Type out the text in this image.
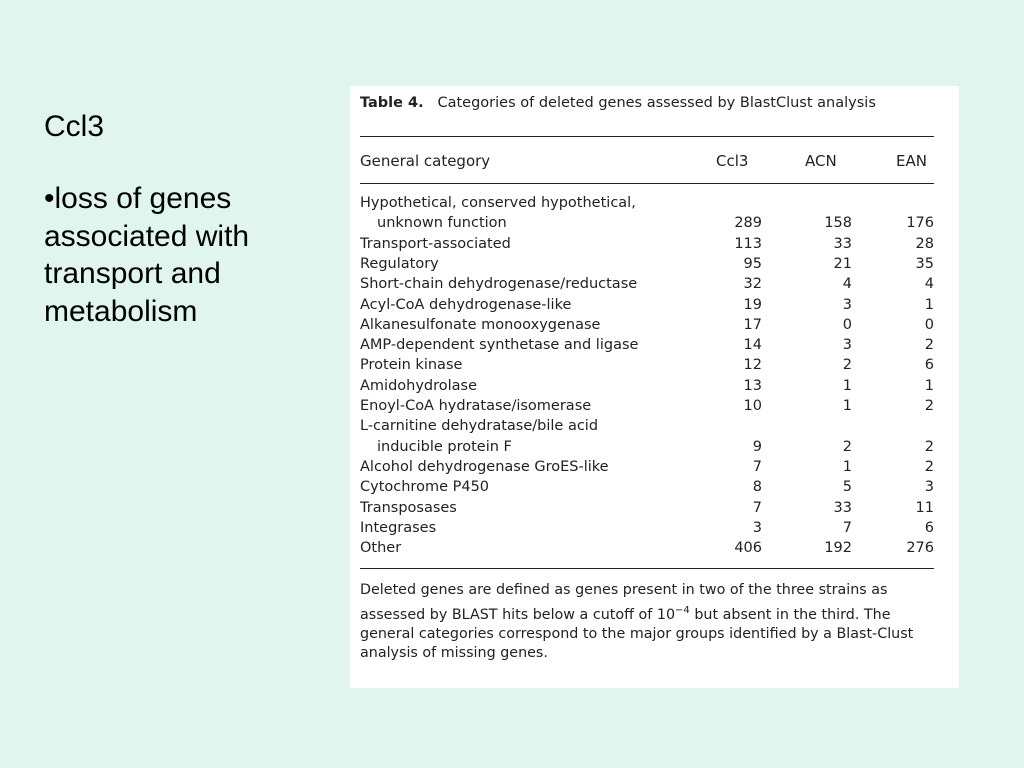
Ccl3
•loss of genes associated with transport and metabolism
Table 4. Categories of deleted genes assessed by BlastClust analysis
General category	Ccl3	ACN	EAN
Hypothetical, conserved hypothetical,
unknown function	289	158	176
Transport-associated	113	33	28
Regulatory	95	21	35
Short-chain dehydrogenase/reductase	32	4	4
Acyl-CoA dehydrogenase-like	19	3	1
Alkanesulfonate monooxygenase	17	0	0
AMP-dependent synthetase and ligase	14	3	2
Protein kinase	12	2	6
Amidohydrolase	13	1	1
Enoyl-CoA hydratase/isomerase	10	1	2
L-carnitine dehydratase/bile acid
inducible protein F	9	2	2
Alcohol dehydrogenase GroES-like	7	1	2
Cytochrome P450	8	5	3
Transposases	7	33	11
Integrases	3	7	6
Other	406	192	276
Deleted genes are defined as genes present in two of the three strains as assessed by BLAST hits below a cutoff of $10^{-4}$ but absent in the third. The general categories correspond to the major groups identified by a Blast-Clust analysis of missing genes.
